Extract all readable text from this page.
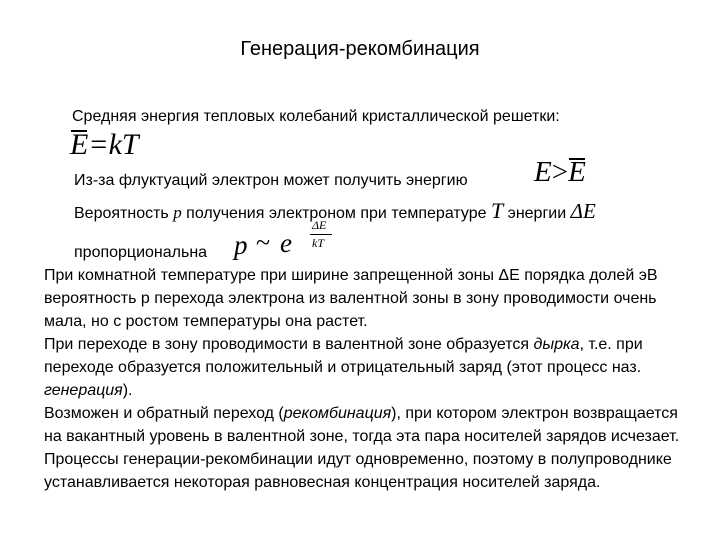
Генерация-рекомбинация
Средняя энергия тепловых колебаний кристаллической решетки:
E=kT
Из-за флуктуаций электрон может получить энергию E>E
Вероятность p получения электроном при температуре T энергии ΔE
пропорциональна p ~ e
ΔE
kT

При комнатной температуре при ширине запрещенной зоны ΔE порядка долей эВ вероятность р перехода электрона из валентной зоны в зону проводимости очень мала, но с ростом температуры она растет.

При переходе в зону проводимости в валентной зоне образуется дырка, т.е. при переходе образуется положительный и отрицательный заряд (этот процесс наз. генерация).

Возможен и обратный переход (рекомбинация), при котором электрон возвращается на вакантный уровень в валентной зоне, тогда эта пара носителей зарядов исчезает.

Процессы генерации-рекомбинации идут одновременно, поэтому в полупроводнике устанавливается некоторая равновесная концентрация носителей заряда.
